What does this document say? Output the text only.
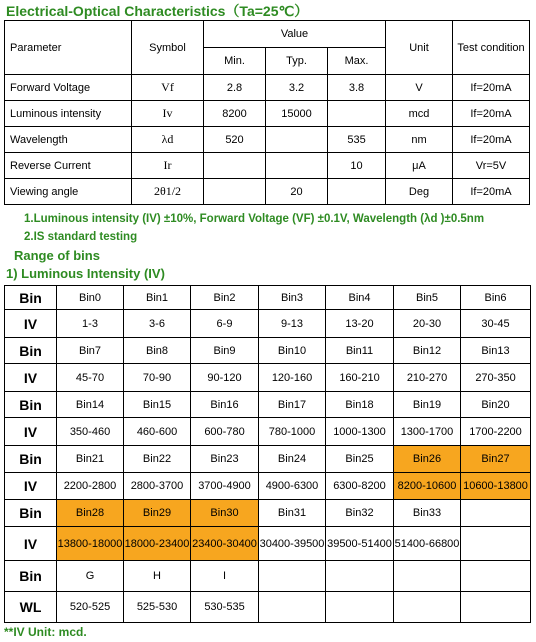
Electrical-Optical Characteristics（Ta=25℃）
Parameter	Symbol	Value			Unit	Test condition
		Min.	Typ.	Max.		
Forward Voltage	Vf	2.8	3.2	3.8	V	If=20mA
Luminous intensity	Iv	8200	15000		mcd	If=20mA
Wavelength	λd	520		535	nm	If=20mA
Reverse Current	Ir			10	μA	Vr=5V
Viewing angle	2θ1/2		20		Deg	If=20mA
1.Luminous intensity (IV) ±10%, Forward Voltage (VF) ±0.1V, Wavelength (λd )±0.5nm
2.IS standard testing
Range of bins
1) Luminous Intensity (IV)
Bin	Bin0	Bin1	Bin2	Bin3	Bin4	Bin5	Bin6
IV	1-3	3-6	6-9	9-13	13-20	20-30	30-45
Bin	Bin7	Bin8	Bin9	Bin10	Bin11	Bin12	Bin13
IV	45-70	70-90	90-120	120-160	160-210	210-270	270-350
Bin	Bin14	Bin15	Bin16	Bin17	Bin18	Bin19	Bin20
IV	350-460	460-600	600-780	780-1000	1000-1300	1300-1700	1700-2200
Bin	Bin21	Bin22	Bin23	Bin24	Bin25	Bin26	Bin27
IV	2200-2800	2800-3700	3700-4900	4900-6300	6300-8200	8200-10600	10600-13800
Bin	Bin28	Bin29	Bin30	Bin31	Bin32	Bin33	
IV	13800-18000	18000-23400	23400-30400	30400-39500	39500-51400	51400-66800	
Bin	G	H	I				
WL	520-525	525-530	530-535				
**IV Unit: mcd.
